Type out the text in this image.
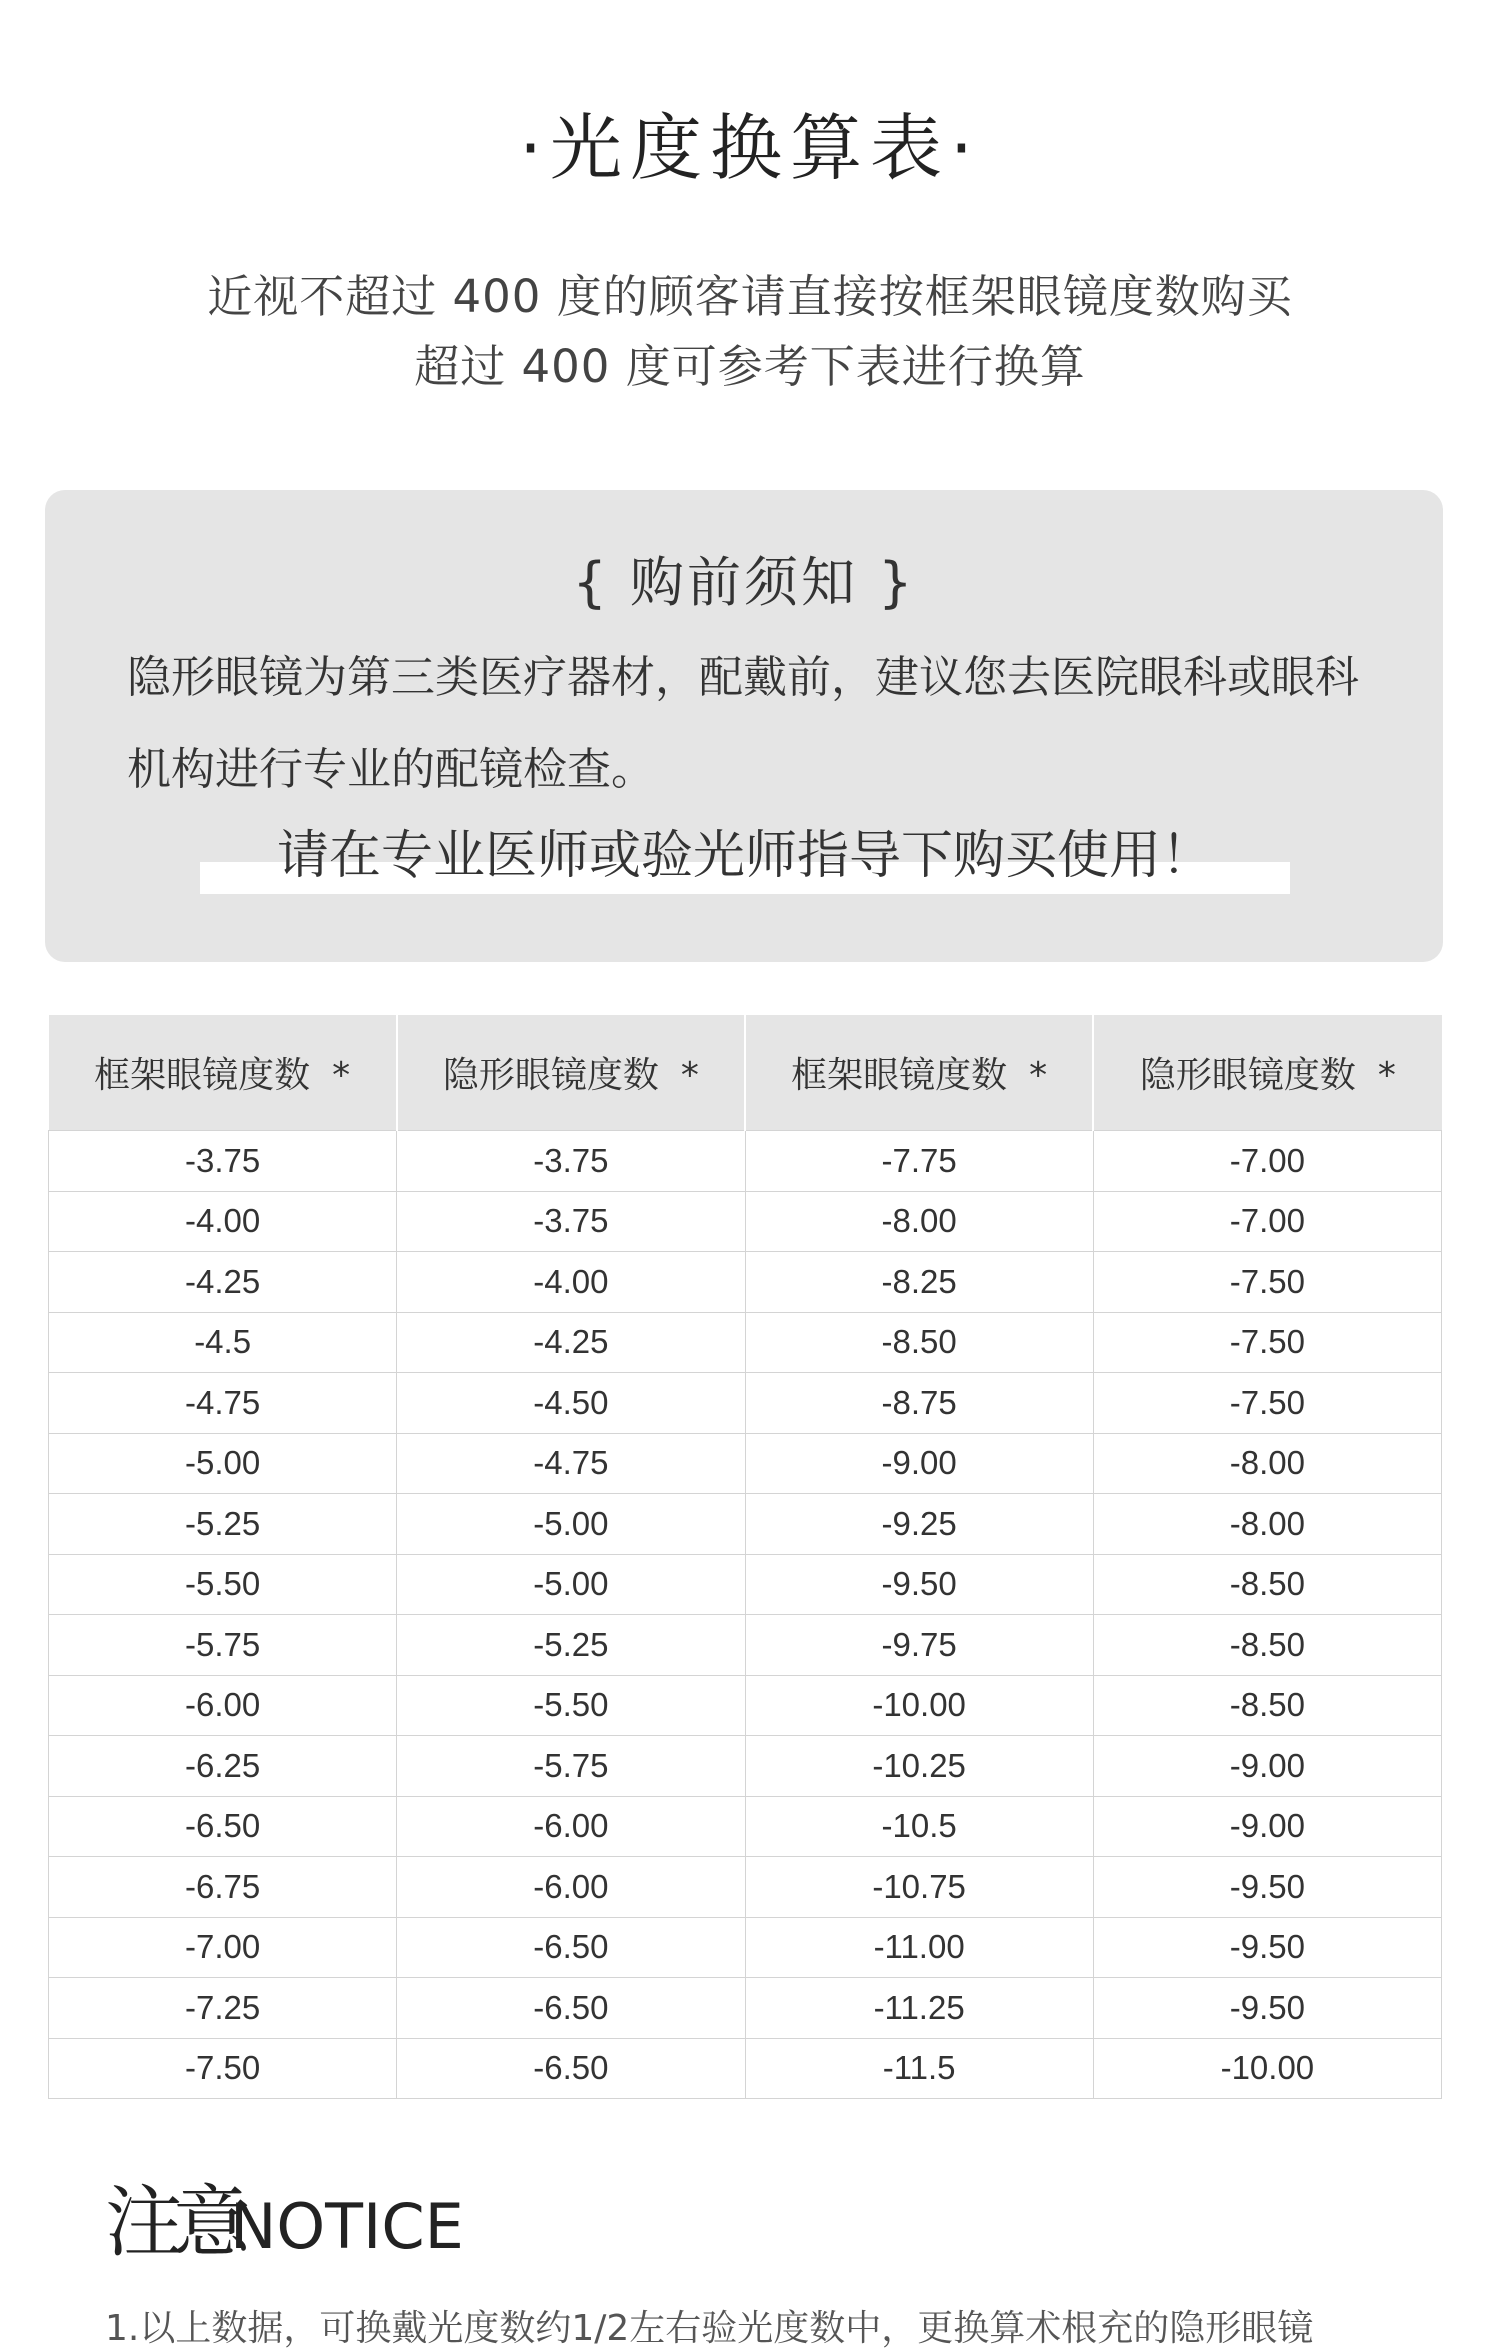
·光度换算表·
近视不超过 400 度的顾客请直接按框架眼镜度数购买
超过 400 度可参考下表进行换算
{ 购前须知 }
隐形眼镜为第三类医疗器材，配戴前，建议您去医院眼科或眼科机构进行专业的配镜检查。
请在专业医师或验光师指导下购买使用！
框架眼镜度数 *	隐形眼镜度数 *	框架眼镜度数 *	隐形眼镜度数 *
-3.75	-3.75	-7.75	-7.00
-4.00	-3.75	-8.00	-7.00
-4.25	-4.00	-8.25	-7.50
-4.5	-4.25	-8.50	-7.50
-4.75	-4.50	-8.75	-7.50
-5.00	-4.75	-9.00	-8.00
-5.25	-5.00	-9.25	-8.00
-5.50	-5.00	-9.50	-8.50
-5.75	-5.25	-9.75	-8.50
-6.00	-5.50	-10.00	-8.50
-6.25	-5.75	-10.25	-9.00
-6.50	-6.00	-10.5	-9.00
-6.75	-6.00	-10.75	-9.50
-7.00	-6.50	-11.00	-9.50
-7.25	-6.50	-11.25	-9.50
-7.50	-6.50	-11.5	-10.00
注意
NOTICE
1.以上数据，可换戴光度数约1/2左右验光度数中，更换算术根充的隐形眼镜
